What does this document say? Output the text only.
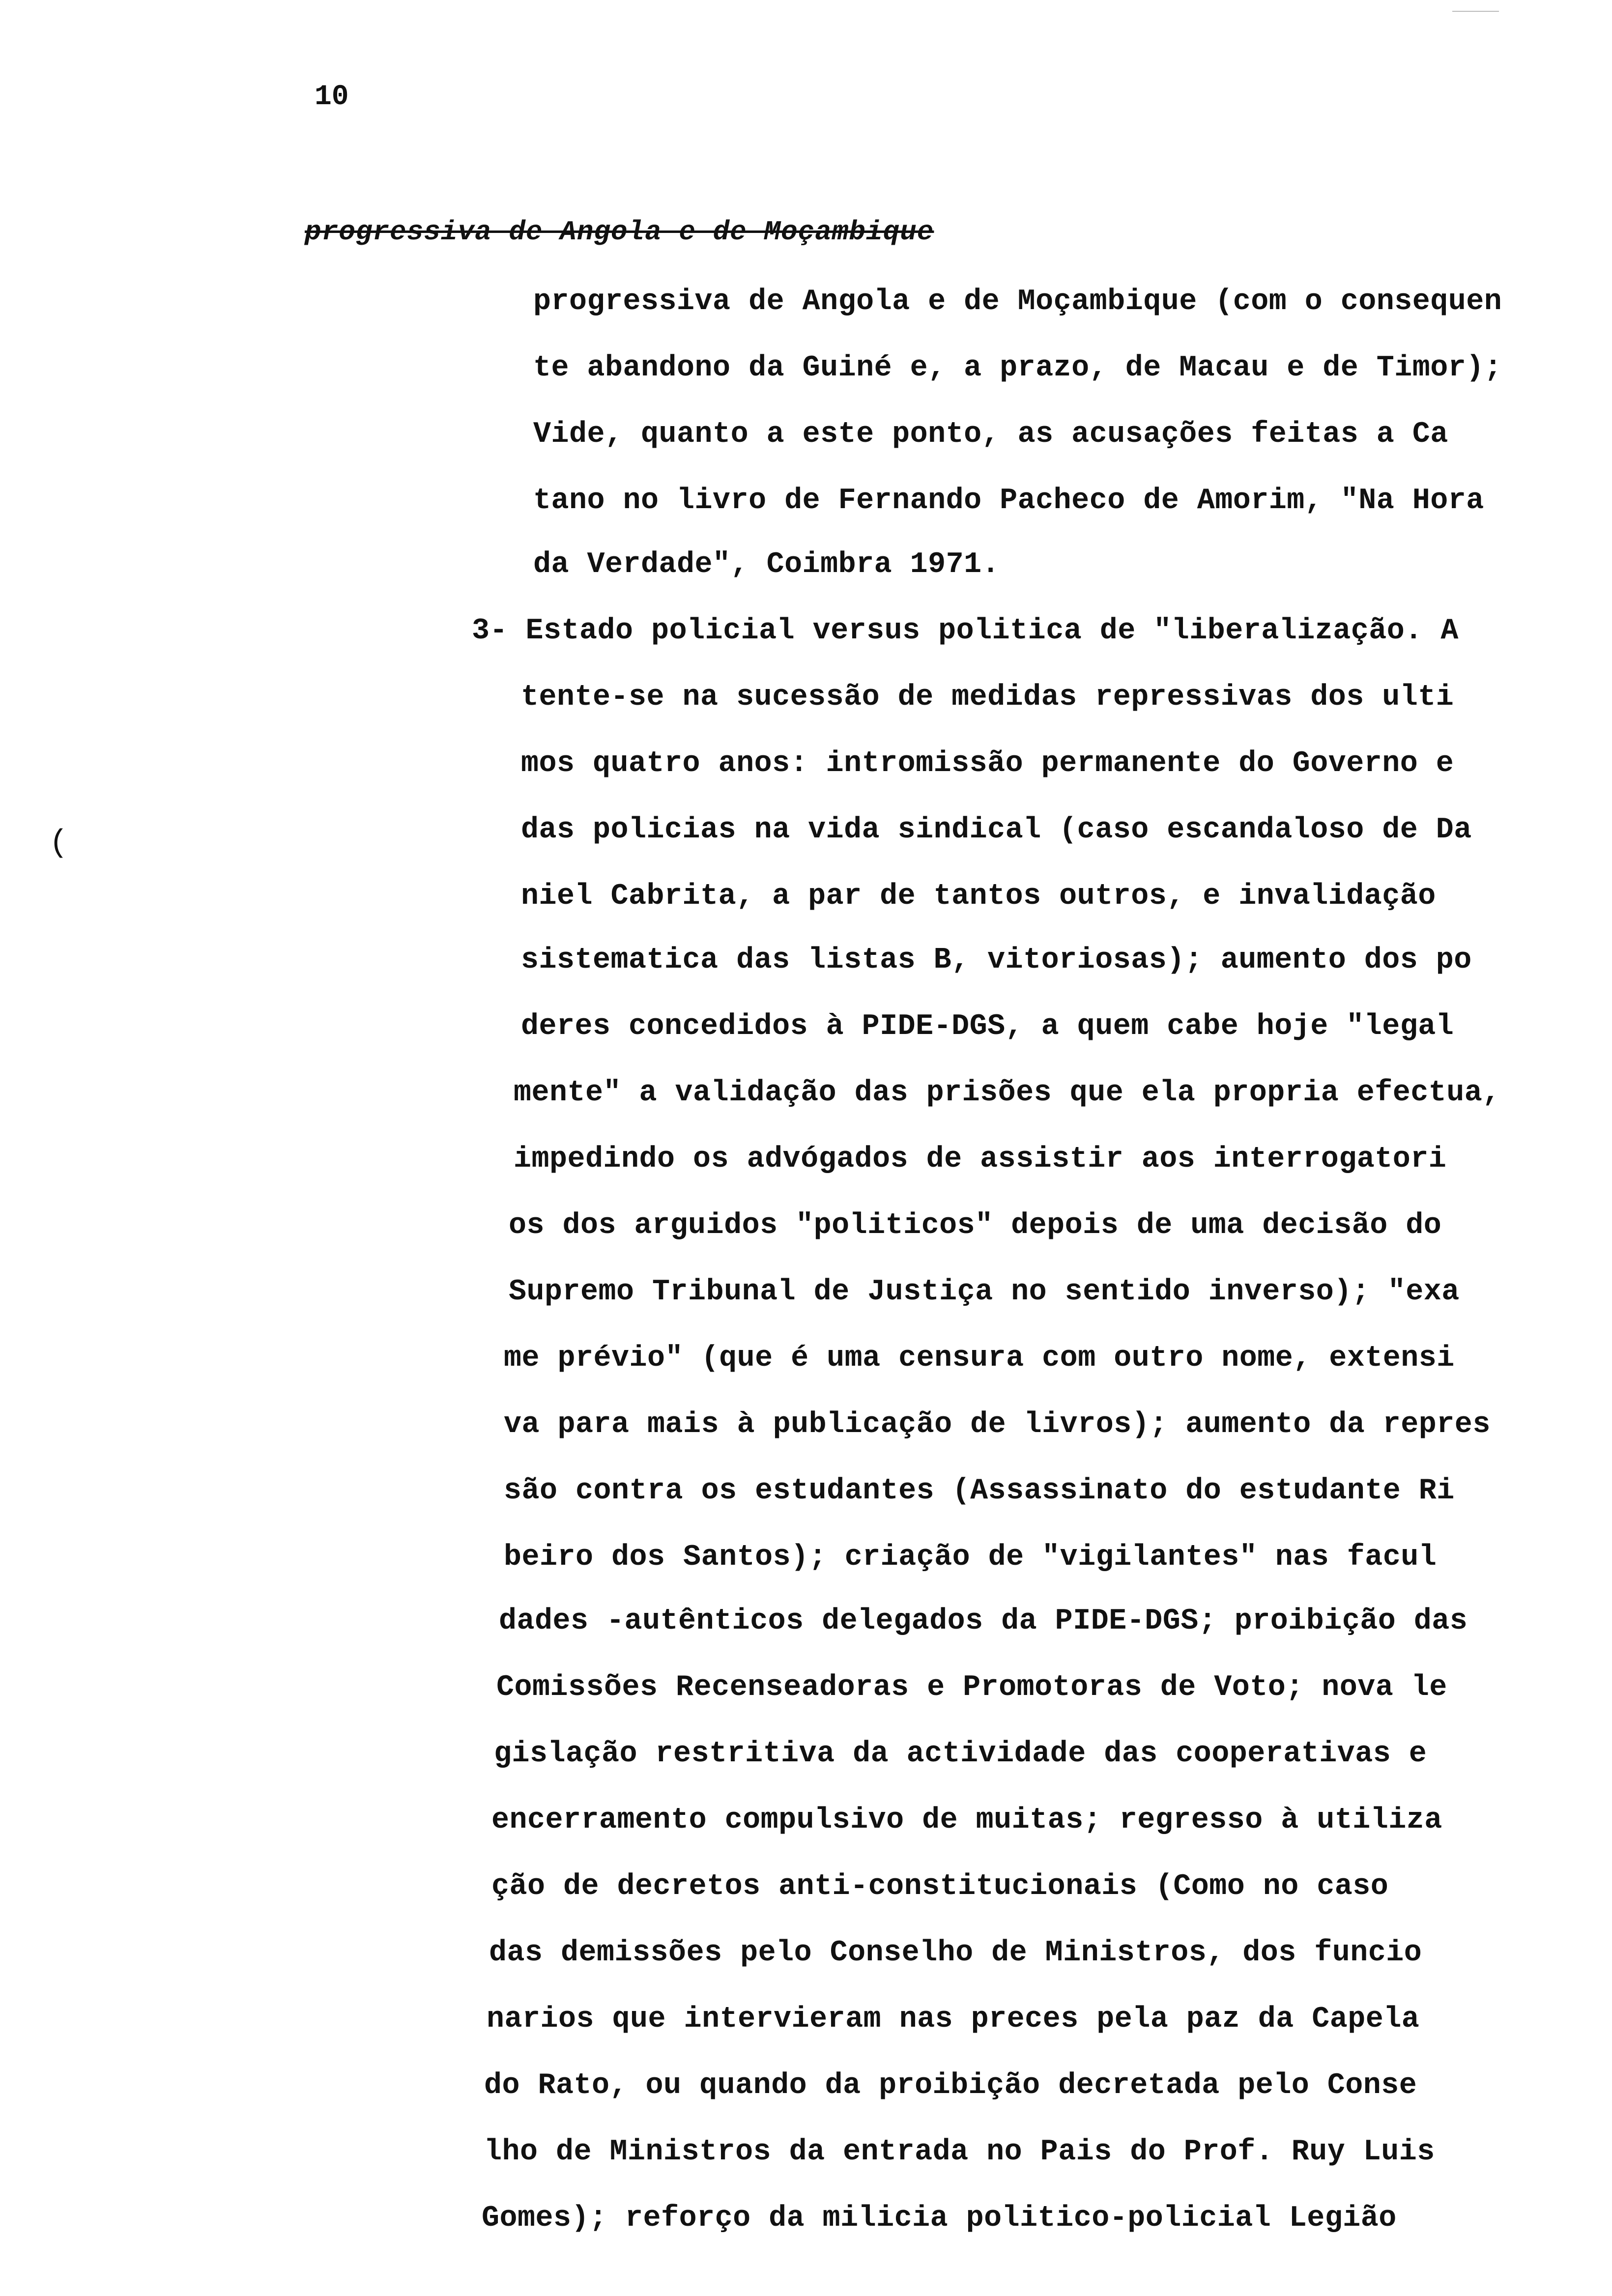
10
progressiva de Angola e de Moçambique
(
progressiva de Angola e de Moçambique (com o consequen
te abandono da Guiné e, a prazo, de Macau e de Timor);
Vide, quanto a este ponto, as acusações feitas a Ca
tano no livro de Fernando Pacheco de Amorim, "Na Hora
da Verdade", Coimbra 1971.
3- Estado policial versus politica de "liberalização. A
tente-se na sucessão de medidas repressivas dos ulti
mos quatro anos: intromissão permanente do Governo e
das policias na vida sindical (caso escandaloso de Da
niel Cabrita, a par de tantos outros, e invalidação
sistematica das listas B, vitoriosas); aumento dos po
deres concedidos à PIDE-DGS, a quem cabe hoje "legal
mente" a validação das prisões que ela propria efectua,
impedindo os advógados de assistir aos interrogatori
os dos arguidos "politicos" depois de uma decisão do
Supremo Tribunal de Justiça no sentido inverso); "exa
me prévio" (que é uma censura com outro nome, extensi
va para mais à publicação de livros); aumento da repres
são contra os estudantes (Assassinato do estudante Ri
beiro dos Santos); criação de "vigilantes" nas facul
dades -autênticos delegados da PIDE-DGS; proibição das
Comissões Recenseadoras e Promotoras de Voto; nova le
gislação restritiva da actividade das cooperativas e
encerramento compulsivo de muitas; regresso à utiliza
ção de decretos anti-constitucionais (Como no caso
das demissões pelo Conselho de Ministros, dos funcio
narios que intervieram nas preces pela paz da Capela
do Rato, ou quando da proibição decretada pelo Conse
lho de Ministros da entrada no Pais do Prof. Ruy Luis
Gomes); reforço da milicia politico-policial Legião
